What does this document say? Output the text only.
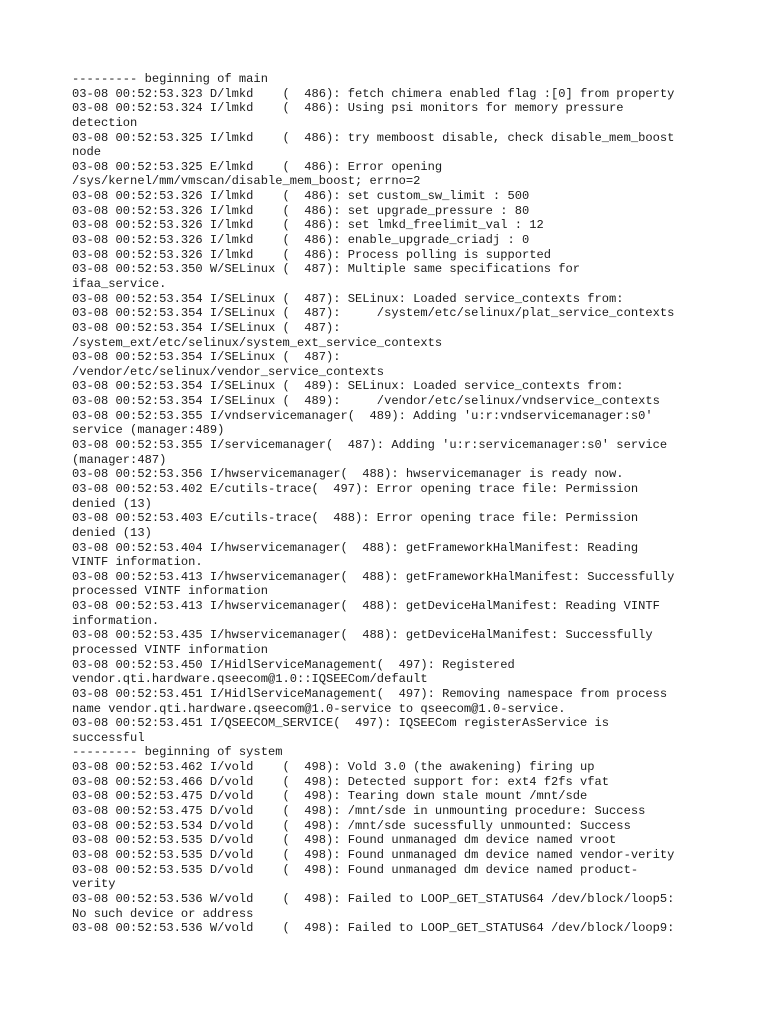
--------- beginning of main
03-08 00:52:53.323 D/lmkd    (  486): fetch chimera enabled flag :[0] from property
03-08 00:52:53.324 I/lmkd    (  486): Using psi monitors for memory pressure
detection
03-08 00:52:53.325 I/lmkd    (  486): try memboost disable, check disable_mem_boost
node
03-08 00:52:53.325 E/lmkd    (  486): Error opening
/sys/kernel/mm/vmscan/disable_mem_boost; errno=2
03-08 00:52:53.326 I/lmkd    (  486): set custom_sw_limit : 500
03-08 00:52:53.326 I/lmkd    (  486): set upgrade_pressure : 80
03-08 00:52:53.326 I/lmkd    (  486): set lmkd_freelimit_val : 12
03-08 00:52:53.326 I/lmkd    (  486): enable_upgrade_criadj : 0
03-08 00:52:53.326 I/lmkd    (  486): Process polling is supported
03-08 00:52:53.350 W/SELinux (  487): Multiple same specifications for
ifaa_service.
03-08 00:52:53.354 I/SELinux (  487): SELinux: Loaded service_contexts from:
03-08 00:52:53.354 I/SELinux (  487):     /system/etc/selinux/plat_service_contexts
03-08 00:52:53.354 I/SELinux (  487):
/system_ext/etc/selinux/system_ext_service_contexts
03-08 00:52:53.354 I/SELinux (  487):
/vendor/etc/selinux/vendor_service_contexts
03-08 00:52:53.354 I/SELinux (  489): SELinux: Loaded service_contexts from:
03-08 00:52:53.354 I/SELinux (  489):     /vendor/etc/selinux/vndservice_contexts
03-08 00:52:53.355 I/vndservicemanager(  489): Adding 'u:r:vndservicemanager:s0'
service (manager:489)
03-08 00:52:53.355 I/servicemanager(  487): Adding 'u:r:servicemanager:s0' service
(manager:487)
03-08 00:52:53.356 I/hwservicemanager(  488): hwservicemanager is ready now.
03-08 00:52:53.402 E/cutils-trace(  497): Error opening trace file: Permission
denied (13)
03-08 00:52:53.403 E/cutils-trace(  488): Error opening trace file: Permission
denied (13)
03-08 00:52:53.404 I/hwservicemanager(  488): getFrameworkHalManifest: Reading
VINTF information.
03-08 00:52:53.413 I/hwservicemanager(  488): getFrameworkHalManifest: Successfully
processed VINTF information
03-08 00:52:53.413 I/hwservicemanager(  488): getDeviceHalManifest: Reading VINTF
information.
03-08 00:52:53.435 I/hwservicemanager(  488): getDeviceHalManifest: Successfully
processed VINTF information
03-08 00:52:53.450 I/HidlServiceManagement(  497): Registered
vendor.qti.hardware.qseecom@1.0::IQSEECom/default
03-08 00:52:53.451 I/HidlServiceManagement(  497): Removing namespace from process
name vendor.qti.hardware.qseecom@1.0-service to qseecom@1.0-service.
03-08 00:52:53.451 I/QSEECOM_SERVICE(  497): IQSEECom registerAsService is
successful
--------- beginning of system
03-08 00:52:53.462 I/vold    (  498): Vold 3.0 (the awakening) firing up
03-08 00:52:53.466 D/vold    (  498): Detected support for: ext4 f2fs vfat
03-08 00:52:53.475 D/vold    (  498): Tearing down stale mount /mnt/sde
03-08 00:52:53.475 D/vold    (  498): /mnt/sde in unmounting procedure: Success
03-08 00:52:53.534 D/vold    (  498): /mnt/sde sucessfully unmounted: Success
03-08 00:52:53.535 D/vold    (  498): Found unmanaged dm device named vroot
03-08 00:52:53.535 D/vold    (  498): Found unmanaged dm device named vendor-verity
03-08 00:52:53.535 D/vold    (  498): Found unmanaged dm device named product-
verity
03-08 00:52:53.536 W/vold    (  498): Failed to LOOP_GET_STATUS64 /dev/block/loop5:
No such device or address
03-08 00:52:53.536 W/vold    (  498): Failed to LOOP_GET_STATUS64 /dev/block/loop9:
